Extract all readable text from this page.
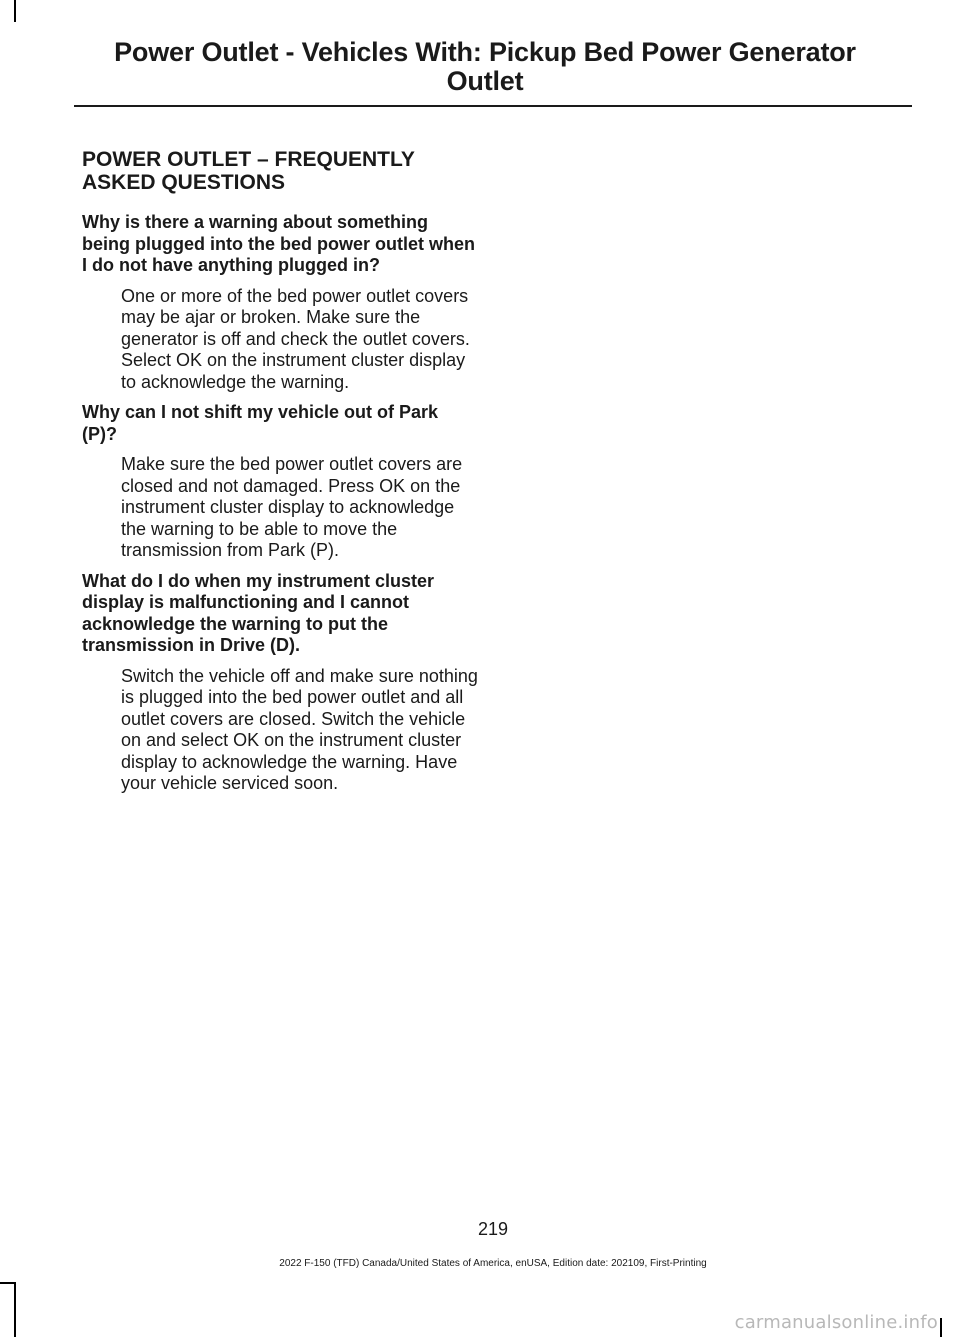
Power Outlet - Vehicles With: Pickup Bed Power Generator
Outlet
POWER OUTLET – FREQUENTLY
ASKED QUESTIONS

Why is there a warning about something being plugged into the bed power outlet when I do not have anything plugged in?

One or more of the bed power outlet covers may be ajar or broken. Make sure the generator is off and check the outlet covers. Select OK on the instrument cluster display to acknowledge the warning.

Why can I not shift my vehicle out of Park (P)?

Make sure the bed power outlet covers are closed and not damaged. Press OK on the instrument cluster display to acknowledge the warning to be able to move the transmission from Park (P).

What do I do when my instrument cluster display is malfunctioning and I cannot acknowledge the warning to put the transmission in Drive (D).

Switch the vehicle off and make sure nothing is plugged into the bed power outlet and all outlet covers are closed. Switch the vehicle on and select OK on the instrument cluster display to acknowledge the warning. Have your vehicle serviced soon.

219
2022 F-150 (TFD) Canada/United States of America, enUSA, Edition date: 202109, First-Printing
carmanualsonline.info
